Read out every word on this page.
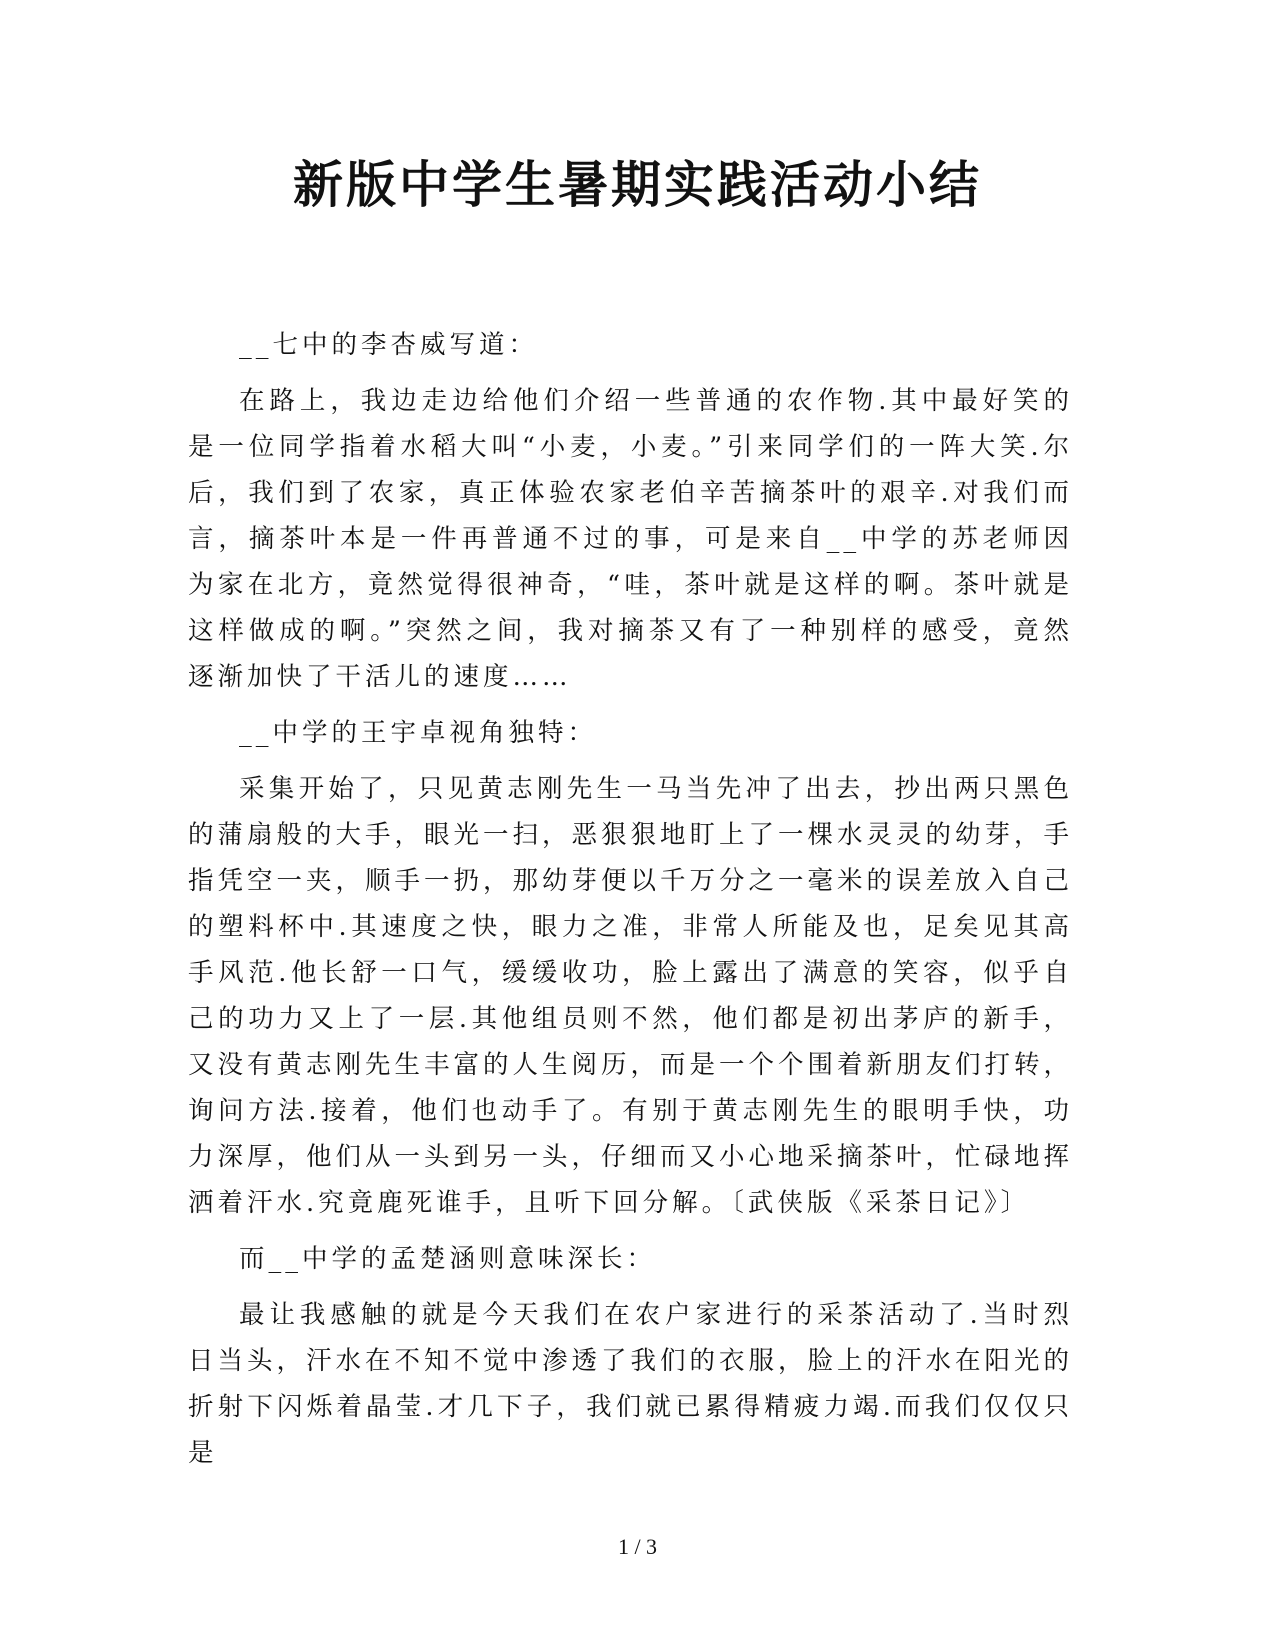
新版中学生暑期实践活动小结

__七中的李杏威写道：

在路上，我边走边给他们介绍一些普通的农作物.其中最好笑的是一位同学指着水稻大叫“小麦，小麦。”引来同学们的一阵大笑.尔后，我们到了农家，真正体验农家老伯辛苦摘茶叶的艰辛.对我们而言，摘茶叶本是一件再普通不过的事，可是来自__中学的苏老师因为家在北方，竟然觉得很神奇，“哇，茶叶就是这样的啊。茶叶就是这样做成的啊。”突然之间，我对摘茶又有了一种别样的感受，竟然逐渐加快了干活儿的速度……

__中学的王宇卓视角独特：

采集开始了，只见黄志刚先生一马当先冲了出去，抄出两只黑色的蒲扇般的大手，眼光一扫，恶狠狠地盯上了一棵水灵灵的幼芽，手指凭空一夹，顺手一扔，那幼芽便以千万分之一毫米的误差放入自己的塑料杯中.其速度之快，眼力之准，非常人所能及也，足矣见其高手风范.他长舒一口气，缓缓收功，脸上露出了满意的笑容，似乎自己的功力又上了一层.其他组员则不然，他们都是初出茅庐的新手，又没有黄志刚先生丰富的人生阅历，而是一个个围着新朋友们打转，询问方法.接着，他们也动手了。有别于黄志刚先生的眼明手快，功力深厚，他们从一头到另一头，仔细而又小心地采摘茶叶，忙碌地挥洒着汗水.究竟鹿死谁手，且听下回分解。〔武侠版《采茶日记》〕

而__中学的孟楚涵则意味深长：

最让我感触的就是今天我们在农户家进行的采茶活动了.当时烈日当头，汗水在不知不觉中渗透了我们的衣服，脸上的汗水在阳光的折射下闪烁着晶莹.才几下子，我们就已累得精疲力竭.而我们仅仅只是

1 / 3
